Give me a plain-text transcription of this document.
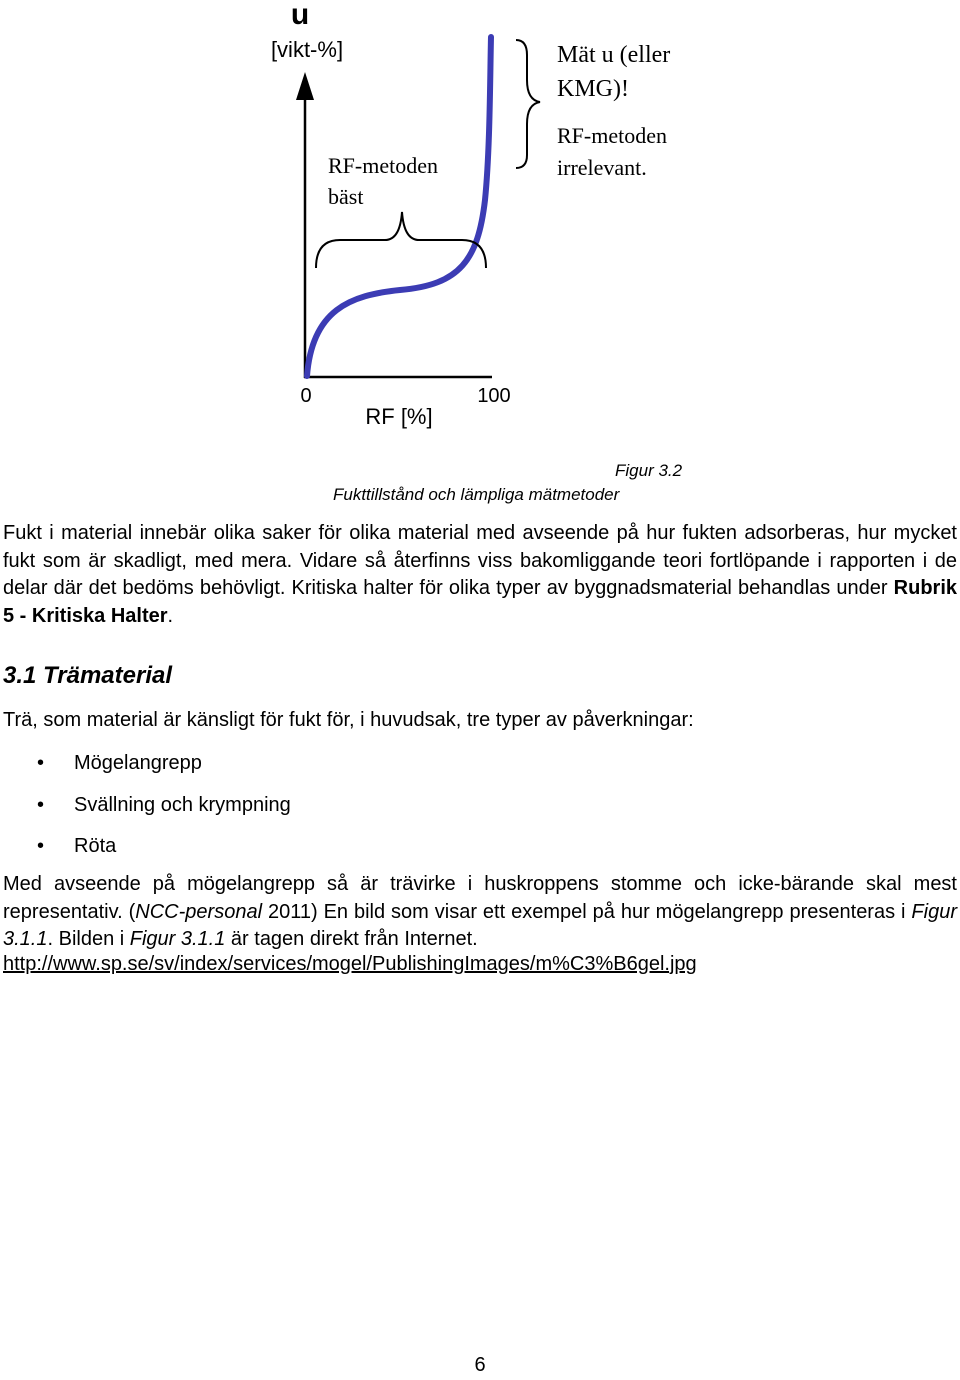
u
[vikt-%]
0	100
RF [%]
RF-metoden
bäst
Mät u (eller
KMG)!
RF-metoden
irrelevant.
Figur 3.2
Fukttillstånd och lämpliga mätmetoder

Fukt i material innebär olika saker för olika material med avseende på hur fukten adsorberas, hur mycket fukt som är skadligt, med mera. Vidare så återfinns viss bakomliggande teori fortlöpande i rapporten i de delar där det bedöms behövligt. Kritiska halter för olika typer av byggnadsmaterial behandlas under Rubrik 5 - Kritiska Halter.

3.1 Trämaterial

Trä, som material är känsligt för fukt för, i huvudsak, tre typer av påverkningar:

• Mögelangrepp
• Svällning och krympning
• Röta

Med avseende på mögelangrepp så är trävirke i huskroppens stomme och icke-bärande skal mest representativ. (NCC-personal 2011) En bild som visar ett exempel på hur mögelangrepp presenteras i Figur 3.1.1. Bilden i Figur 3.1.1 är tagen direkt från Internet.

http://www.sp.se/sv/index/services/mogel/PublishingImages/m%C3%B6gel.jpg
6
